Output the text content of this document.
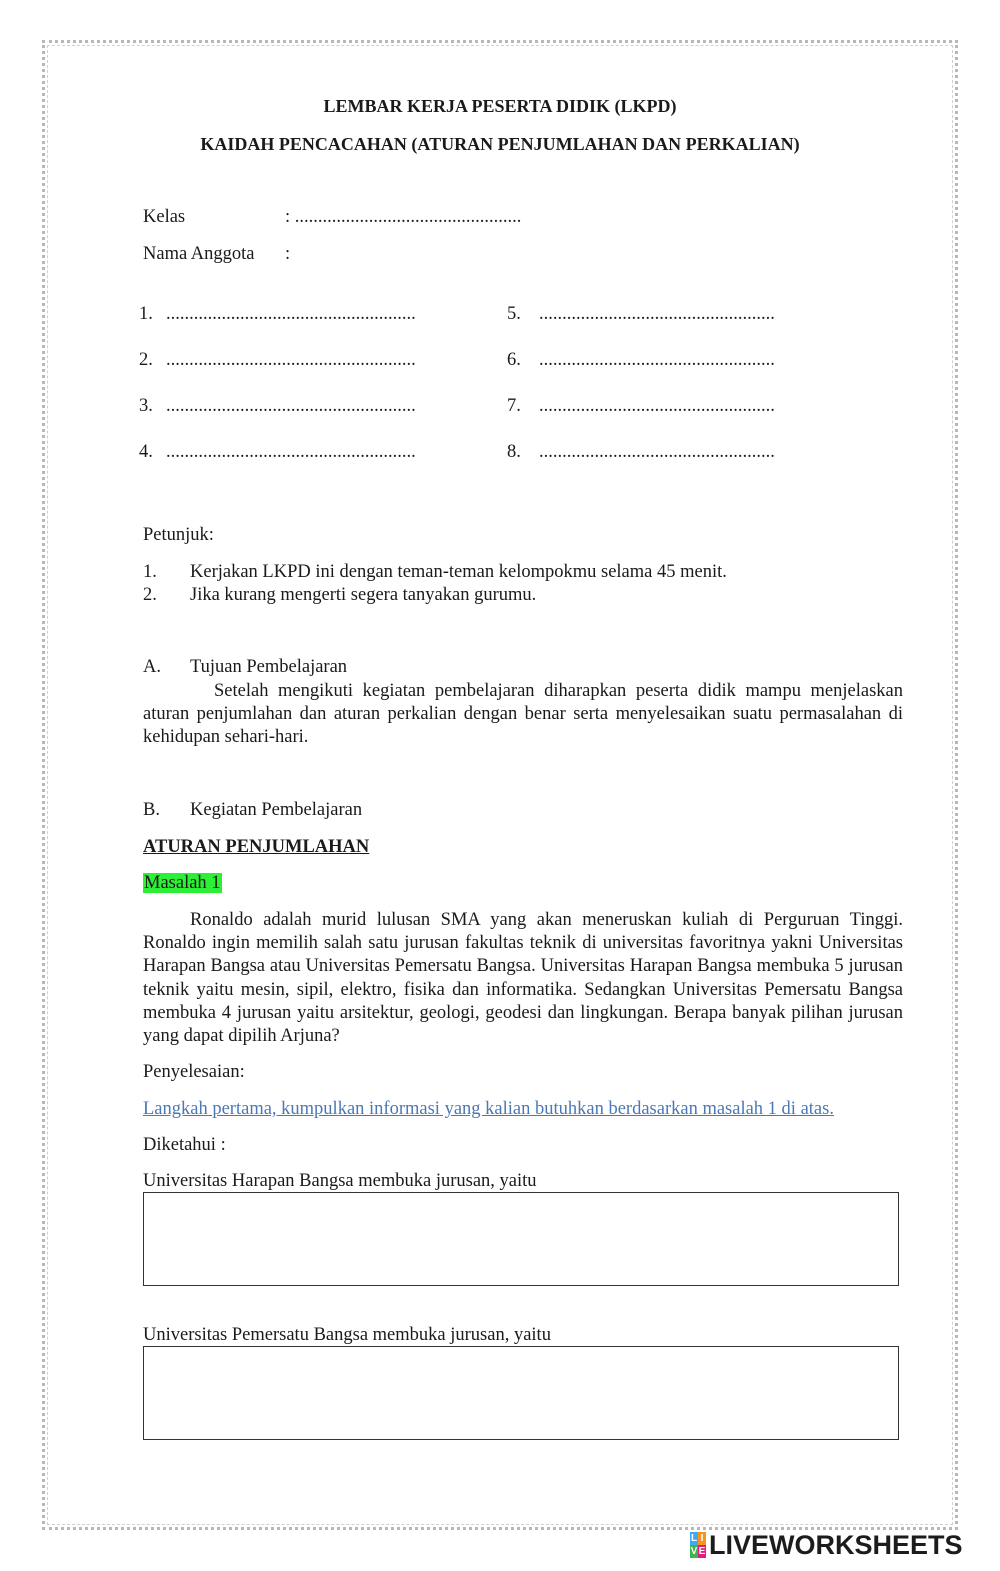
LEMBAR KERJA PESERTA DIDIK (LKPD)
KAIDAH PENCACAHAN (ATURAN PENJUMLAHAN DAN PERKALIAN)
Kelas	: .................................................
Nama Anggota :
1. ......................................................
2. ......................................................
3. ......................................................
4. ......................................................
5. ...................................................
6. ...................................................
7. ...................................................
8. ...................................................
Petunjuk:
1. Kerjakan LKPD ini dengan teman-teman kelompokmu selama 45 menit.
2. Jika kurang mengerti segera tanyakan gurumu.
A. Tujuan Pembelajaran

Setelah mengikuti kegiatan pembelajaran diharapkan peserta didik mampu menjelaskan aturan penjumlahan dan aturan perkalian dengan benar serta menyelesaikan suatu permasalahan di kehidupan sehari-hari.

B. Kegiatan Pembelajaran
ATURAN PENJUMLAHAN
Masalah 1

Ronaldo adalah murid lulusan SMA yang akan meneruskan kuliah di Perguruan Tinggi. Ronaldo ingin memilih salah satu jurusan fakultas teknik di universitas favoritnya yakni Universitas Harapan Bangsa atau Universitas Pemersatu Bangsa. Universitas Harapan Bangsa membuka 5 jurusan teknik yaitu mesin, sipil, elektro, fisika dan informatika. Sedangkan Universitas Pemersatu Bangsa membuka 4 jurusan yaitu arsitektur, geologi, geodesi dan lingkungan. Berapa banyak pilihan jurusan yang dapat dipilih Arjuna?

Penyelesaian:
Langkah pertama, kumpulkan informasi yang kalian butuhkan berdasarkan masalah 1 di atas.
Diketahui :
Universitas Harapan Bangsa membuka jurusan, yaitu
Universitas Pemersatu Bangsa membuka jurusan, yaitu
L I
V E LIVEWORKSHEETS
